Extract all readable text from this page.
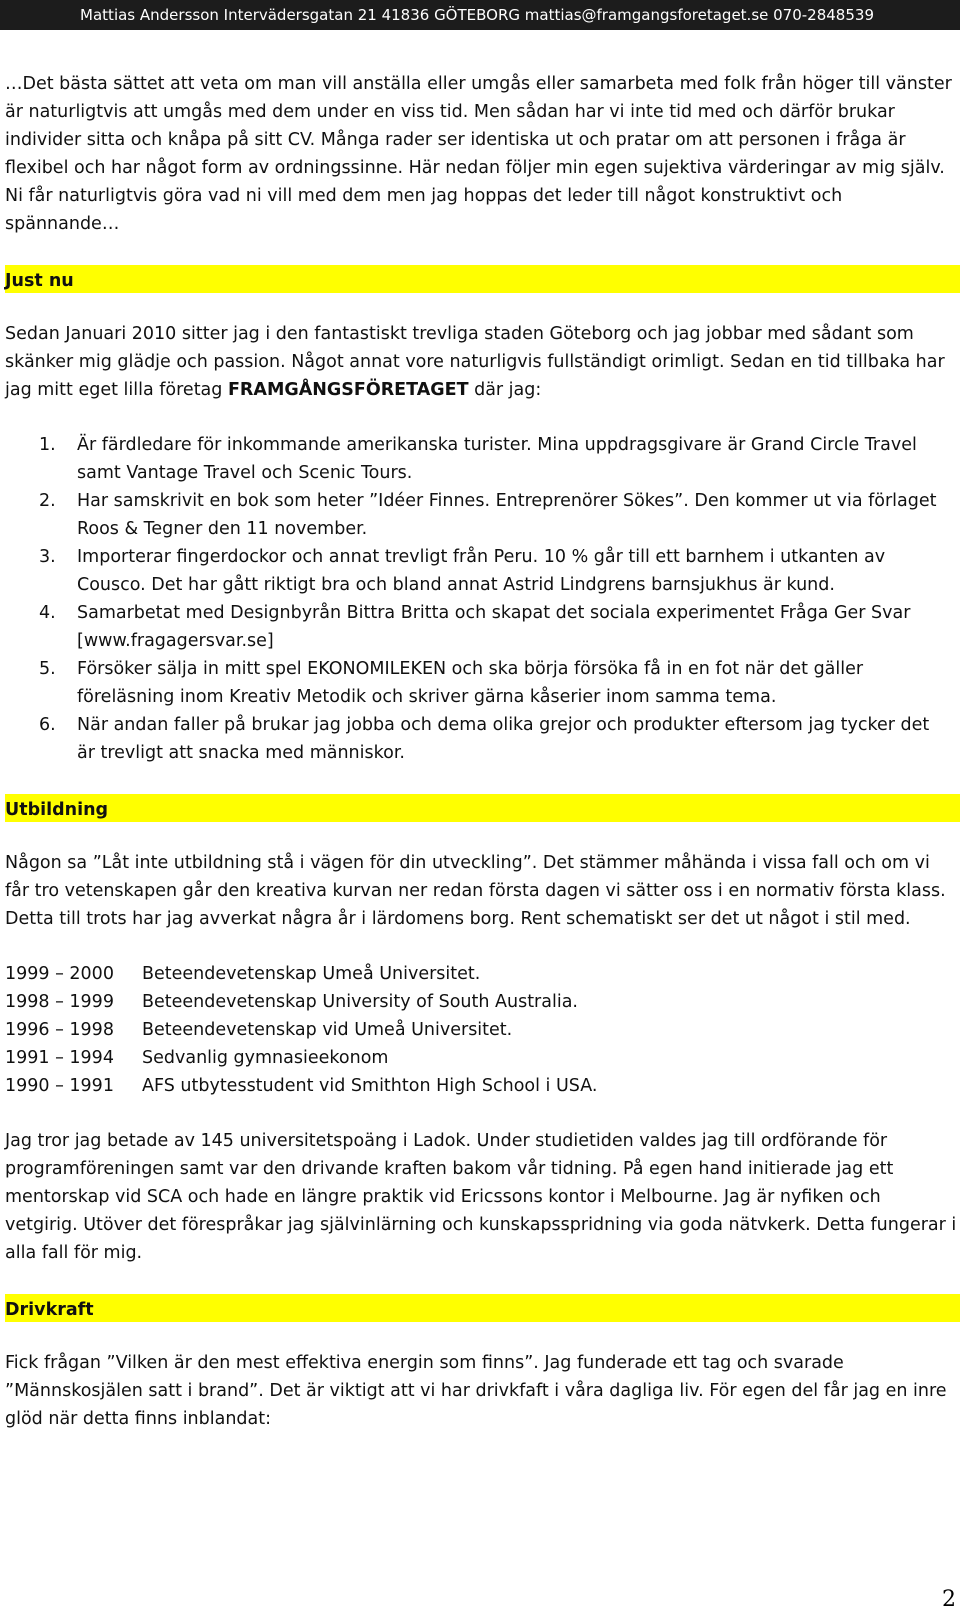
Mattias Andersson Intervädersgatan 21 41836 GÖTEBORG mattias@framgangsforetaget.se 070-2848539

…Det bästa sättet att veta om man vill anställa eller umgås eller samarbeta med folk från höger till vänster är naturligtvis att umgås med dem under en viss tid. Men sådan har vi inte tid med och därför brukar individer sitta och knåpa på sitt CV. Många rader ser identiska ut och pratar om att personen i fråga är flexibel och har något form av ordningssinne. Här nedan följer min egen sujektiva värderingar av mig själv. Ni får naturligtvis göra vad ni vill med dem men jag hoppas det leder till något konstruktivt och spännande…

Just nu

Sedan Januari 2010 sitter jag i den fantastiskt trevliga staden Göteborg och jag jobbar med sådant som skänker mig glädje och passion. Något annat vore naturligvis fullständigt orimligt. Sedan en tid tillbaka har jag mitt eget lilla företag FRAMGÅNGSFÖRETAGET där jag:

1.	Är färdledare för inkommande amerikanska turister. Mina uppdragsgivare är Grand Circle Travel samt Vantage Travel och Scenic Tours.
2.	Har samskrivit en bok som heter ”Idéer Finnes. Entreprenörer Sökes”. Den kommer ut via förlaget Roos & Tegner den 11 november.
3.	Importerar fingerdockor och annat trevligt från Peru. 10 % går till ett barnhem i utkanten av Cousco. Det har gått riktigt bra och bland annat Astrid Lindgrens barnsjukhus är kund.
4.	Samarbetat med Designbyrån Bittra Britta och skapat det sociala experimentet Fråga Ger Svar [www.fragagersvar.se]
5.	Försöker sälja in mitt spel EKONOMILEKEN och ska börja försöka få in en fot när det gäller föreläsning inom Kreativ Metodik och skriver gärna kåserier inom samma tema.
6.	När andan faller på brukar jag jobba och dema olika grejor och produkter eftersom jag tycker det är trevligt att snacka med människor.
Utbildning

Någon sa ”Låt inte utbildning stå i vägen för din utveckling”. Det stämmer måhända i vissa fall och om vi får tro vetenskapen går den kreativa kurvan ner redan första dagen vi sätter oss i en normativ första klass. Detta till trots har jag avverkat några år i lärdomens borg. Rent schematiskt ser det ut något i stil med.

1999 – 2000	Beteendevetenskap Umeå Universitet.
1998 – 1999	Beteendevetenskap University of South Australia.
1996 – 1998	Beteendevetenskap vid Umeå Universitet.
1991 – 1994	Sedvanlig gymnasieekonom
1990 – 1991	AFS utbytesstudent vid Smithton High School i USA.

Jag tror jag betade av 145 universitetspoäng i Ladok. Under studietiden valdes jag till ordförande för programföreningen samt var den drivande kraften bakom vår tidning. På egen hand initierade jag ett mentorskap vid SCA och hade en längre praktik vid Ericssons kontor i Melbourne. Jag är nyfiken och vetgirig. Utöver det förespråkar jag självinlärning och kunskapsspridning via goda nätvkerk. Detta fungerar i alla fall för mig.

Drivkraft

Fick frågan ”Vilken är den mest effektiva energin som finns”. Jag funderade ett tag och svarade ”Männskosjälen satt i brand”. Det är viktigt att vi har drivkfaft i våra dagliga liv. För egen del får jag en inre glöd när detta finns inblandat:

2
